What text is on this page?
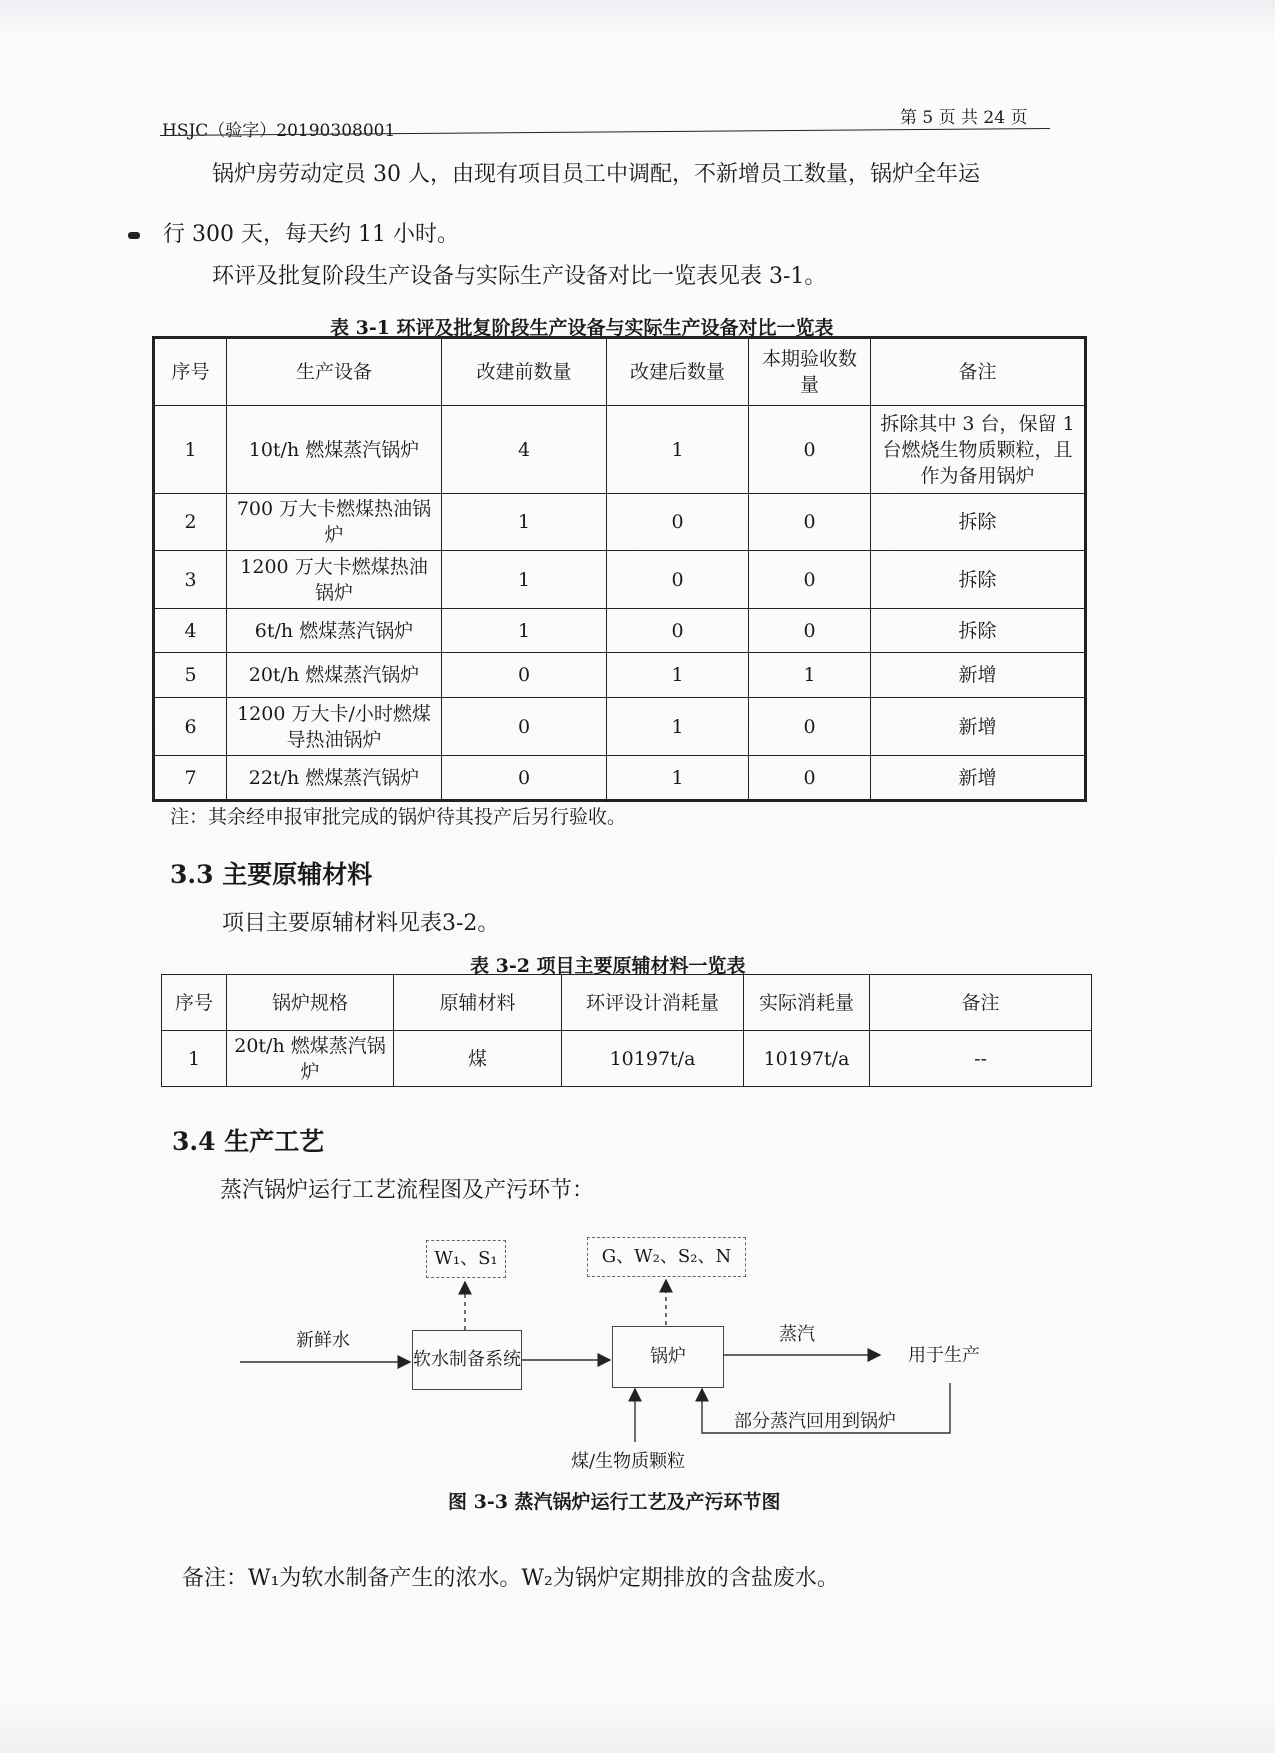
HSJC（验字）20190308001
第 5 页 共 24 页
锅炉房劳动定员 30 人，由现有项目员工中调配，不新增员工数量，锅炉全年运
行 300 天，每天约 11 小时。
环评及批复阶段生产设备与实际生产设备对比一览表见表 3-1。
表 3-1 环评及批复阶段生产设备与实际生产设备对比一览表
序号	生产设备	改建前数量	改建后数量	本期验收数量	备注
1	10t/h 燃煤蒸汽锅炉	4	1	0	拆除其中 3 台，保留 1 台燃烧生物质颗粒，且作为备用锅炉
2	700 万大卡燃煤热油锅炉	1	0	0	拆除
3	1200 万大卡燃煤热油锅炉	1	0	0	拆除
4	6t/h 燃煤蒸汽锅炉	1	0	0	拆除
5	20t/h 燃煤蒸汽锅炉	0	1	1	新增
6	1200 万大卡/小时燃煤导热油锅炉	0	1	0	新增
7	22t/h 燃煤蒸汽锅炉	0	1	0	新增
注：其余经申报审批完成的锅炉待其投产后另行验收。
3.3 主要原辅材料
项目主要原辅材料见表3-2。
表 3-2 项目主要原辅材料一览表
序号	锅炉规格	原辅材料	环评设计消耗量	实际消耗量	备注
1	20t/h 燃煤蒸汽锅炉	煤	10197t/a	10197t/a	--
3.4 生产工艺
蒸汽锅炉运行工艺流程图及产污环节：
W₁、S₁	G、W₂、S₂、N
软水制备系统	锅炉
新鲜水	蒸汽
用于生产
部分蒸汽回用到锅炉
煤/生物质颗粒
图 3-3 蒸汽锅炉运行工艺及产污环节图
备注：W₁为软水制备产生的浓水。W₂为锅炉定期排放的含盐废水。
